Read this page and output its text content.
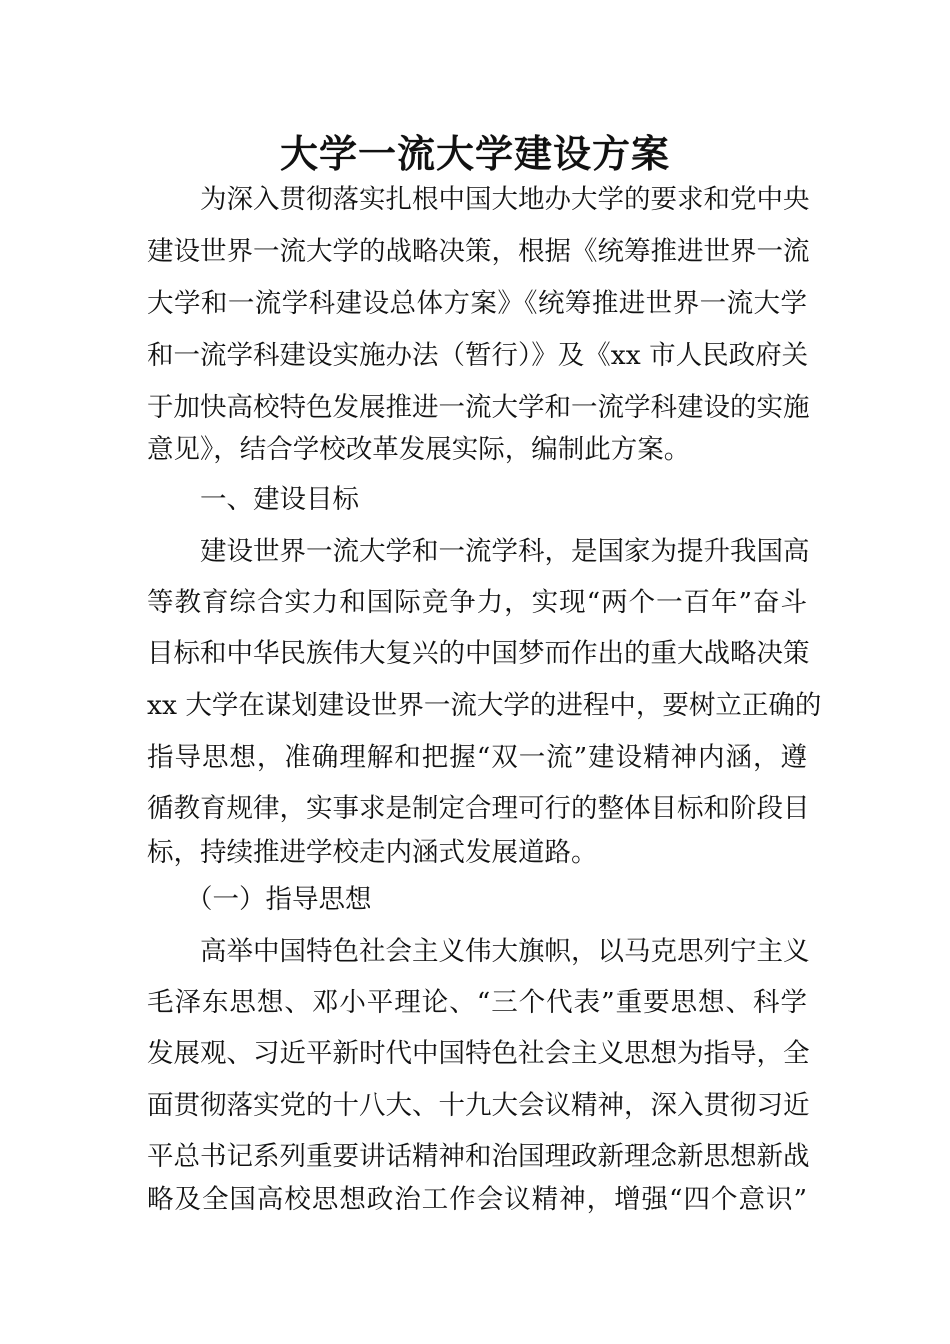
大学一流大学建设方案
为深入贯彻落实扎根中国大地办大学的要求和党中央
建设世界一流大学的战略决策，根据《统筹推进世界一流
大学和一流学科建设总体方案》《统筹推进世界一流大学
和一流学科建设实施办法（暂行）》及《xx 市人民政府关
于加快高校特色发展推进一流大学和一流学科建设的实施
意见》，结合学校改革发展实际，编制此方案。
一、建设目标
建设世界一流大学和一流学科，是国家为提升我国高
等教育综合实力和国际竞争力，实现“两个一百年”奋斗
目标和中华民族伟大复兴的中国梦而作出的重大战略决策
xx 大学在谋划建设世界一流大学的进程中，要树立正确的
指导思想，准确理解和把握“双一流”建设精神内涵，遵
循教育规律，实事求是制定合理可行的整体目标和阶段目
标，持续推进学校走内涵式发展道路。
（一）指导思想
高举中国特色社会主义伟大旗帜，以马克思列宁主义
毛泽东思想、邓小平理论、“三个代表”重要思想、科学
发展观、习近平新时代中国特色社会主义思想为指导，全
面贯彻落实党的十八大、十九大会议精神，深入贯彻习近
平总书记系列重要讲话精神和治国理政新理念新思想新战
略及全国高校思想政治工作会议精神，增强“四个意识”
